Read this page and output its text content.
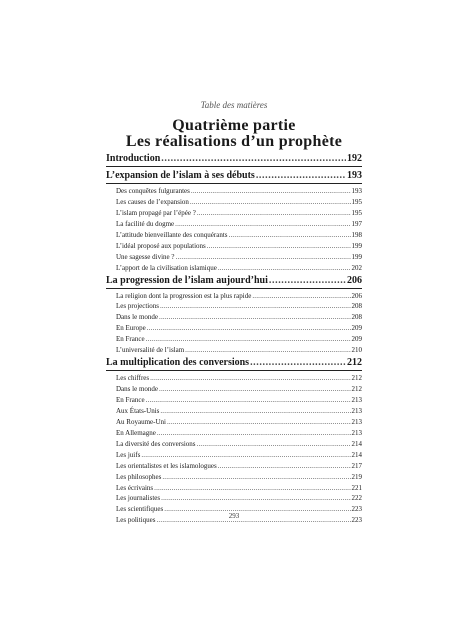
Table des matières
Quatrième partie
Les réalisations d’un prophète
Introduction .....	192
L’expansion de l’islam à ses débuts .....	193
Des conquêtes fulgurantes .....	193
Les causes de l’expansion .....	195
L’islam propagé par l’épée ? .....	195
La facilité du dogme .....	197
L’attitude bienveillante des conquérants .....	198
L’idéal proposé aux populations .....	199
Une sagesse divine ? .....	199
L’apport de la civilisation islamique .....	202
La progression de l’islam aujourd’hui .....	206
La religion dont la progression est la plus rapide .....	206
Les projections .....	208
Dans le monde .....	208
En Europe .....	209
En France .....	209
L’universalité de l’islam .....	210
La multiplication des conversions .....	212
Les chiffres .....	212
Dans le monde .....	212
En France .....	213
Aux États-Unis .....	213
Au Royaume-Uni .....	213
En Allemagne .....	213
La diversité des conversions .....	214
Les juifs .....	214
Les orientalistes et les islamologues .....	217
Les philosophes .....	219
Les écrivains .....	221
Les journalistes .....	222
Les scientifiques .....	223
Les politiques .....	223
293
